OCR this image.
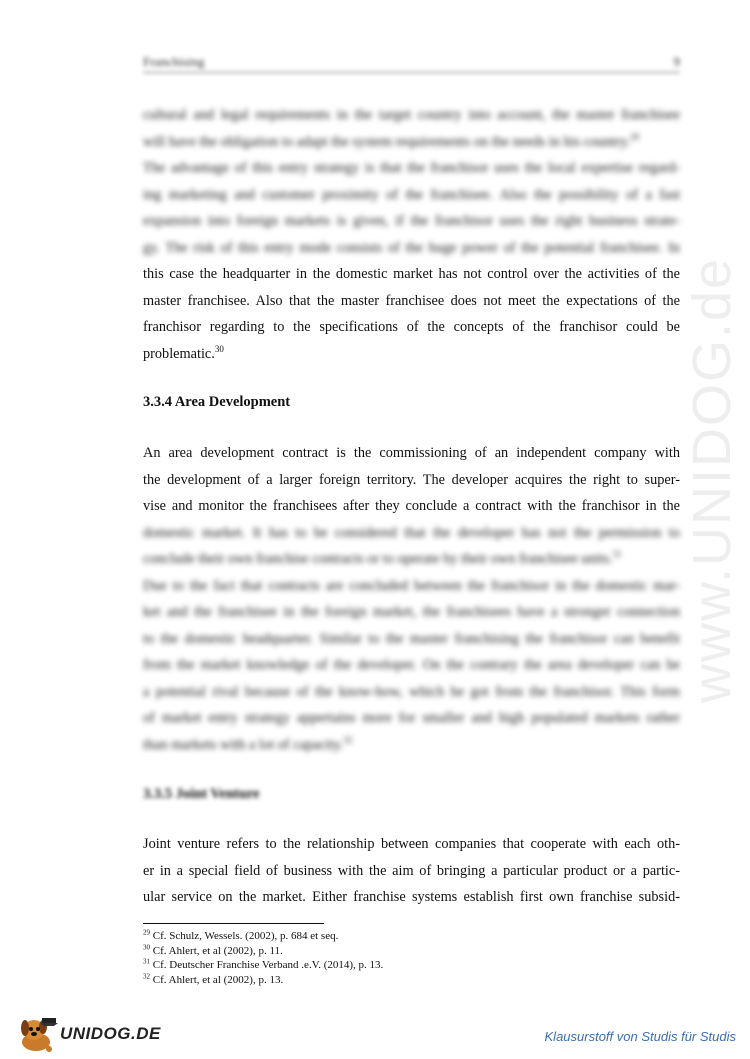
Franchising	9
cultural and legal requirements in the target country into account, the master franchisee
will have the obligation to adapt the system requirements on the needs in his country.$^{29}$
The advantage of this entry strategy is that the franchisor uses the local expertise regard-
ing marketing and customer proximity of the franchisee. Also the possibility of a fast
expansion into foreign markets is given, if the franchisor uses the right business strate-
gy. The risk of this entry mode consists of the huge power of the potential franchisee. In
this case the headquarter in the domestic market has not control over the activities of the
master franchisee. Also that the master franchisee does not meet the expectations of the
franchisor regarding to the specifications of the concepts of the franchisor could be
problematic.$^{30}$
3.3.4 Area Development
An area development contract is the commissioning of an independent company with
the development of a larger foreign territory. The developer acquires the right to super-
vise and monitor the franchisees after they conclude a contract with the franchisor in the
domestic market. It has to be considered that the developer has not the permission to
conclude their own franchise contracts or to operate by their own franchisee units.$^{31}$
Due to the fact that contracts are concluded between the franchisor in the domestic mar-
ket and the franchisee in the foreign market, the franchisees have a stronger connection
to the domestic headquarter. Similar to the master franchising the franchisor can benefit
from the market knowledge of the developer. On the contrary the area developer can be
a potential rival because of the know-how, which he got from the franchisor. This form
of market entry strategy appertains more for smaller and high populated markets rather
than markets with a lot of capacity.$^{32}$
3.3.5 Joint Venture
Joint venture refers to the relationship between companies that cooperate with each oth-
er in a special field of business with the aim of bringing a particular product or a partic-
ular service on the market. Either franchise systems establish first own franchise subsid-
$^{29}$ Cf. Schulz, Wessels. (2002), p. 684 et seq.
$^{30}$ Cf. Ahlert, et al (2002), p. 11.
$^{31}$ Cf. Deutscher Franchise Verband .e.V. (2014), p. 13.
$^{32}$ Cf. Ahlert, et al (2002), p. 13.
www.UNIDOG.de
UNIDOG.DE	Klausurstoff von Studis für Studis
